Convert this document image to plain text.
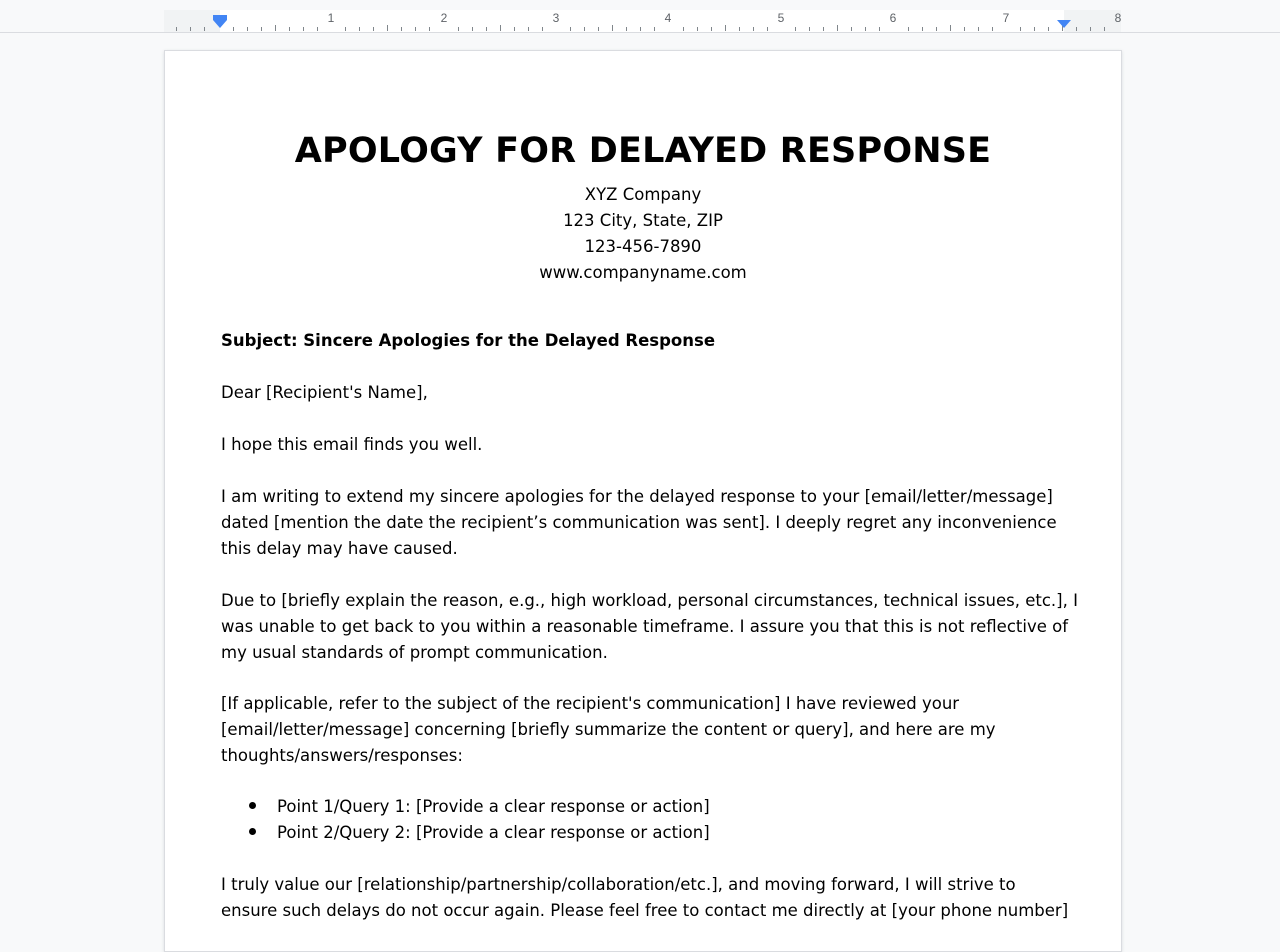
1	2	3	4	5	6	7	8
APOLOGY FOR DELAYED RESPONSE
XYZ Company
123 City, State, ZIP
123-456-7890
www.companyname.com
Subject: Sincere Apologies for the Delayed Response
Dear [Recipient's Name],
I hope this email finds you well.
I am writing to extend my sincere apologies for the delayed response to your [email/letter/message]
dated [mention the date the recipient’s communication was sent]. I deeply regret any inconvenience
this delay may have caused.
Due to [briefly explain the reason, e.g., high workload, personal circumstances, technical issues, etc.], I
was unable to get back to you within a reasonable timeframe. I assure you that this is not reflective of
my usual standards of prompt communication.
[If applicable, refer to the subject of the recipient's communication] I have reviewed your
[email/letter/message] concerning [briefly summarize the content or query], and here are my
thoughts/answers/responses:
Point 1/Query 1: [Provide a clear response or action]
Point 2/Query 2: [Provide a clear response or action]
I truly value our [relationship/partnership/collaboration/etc.], and moving forward, I will strive to
ensure such delays do not occur again. Please feel free to contact me directly at [your phone number]
